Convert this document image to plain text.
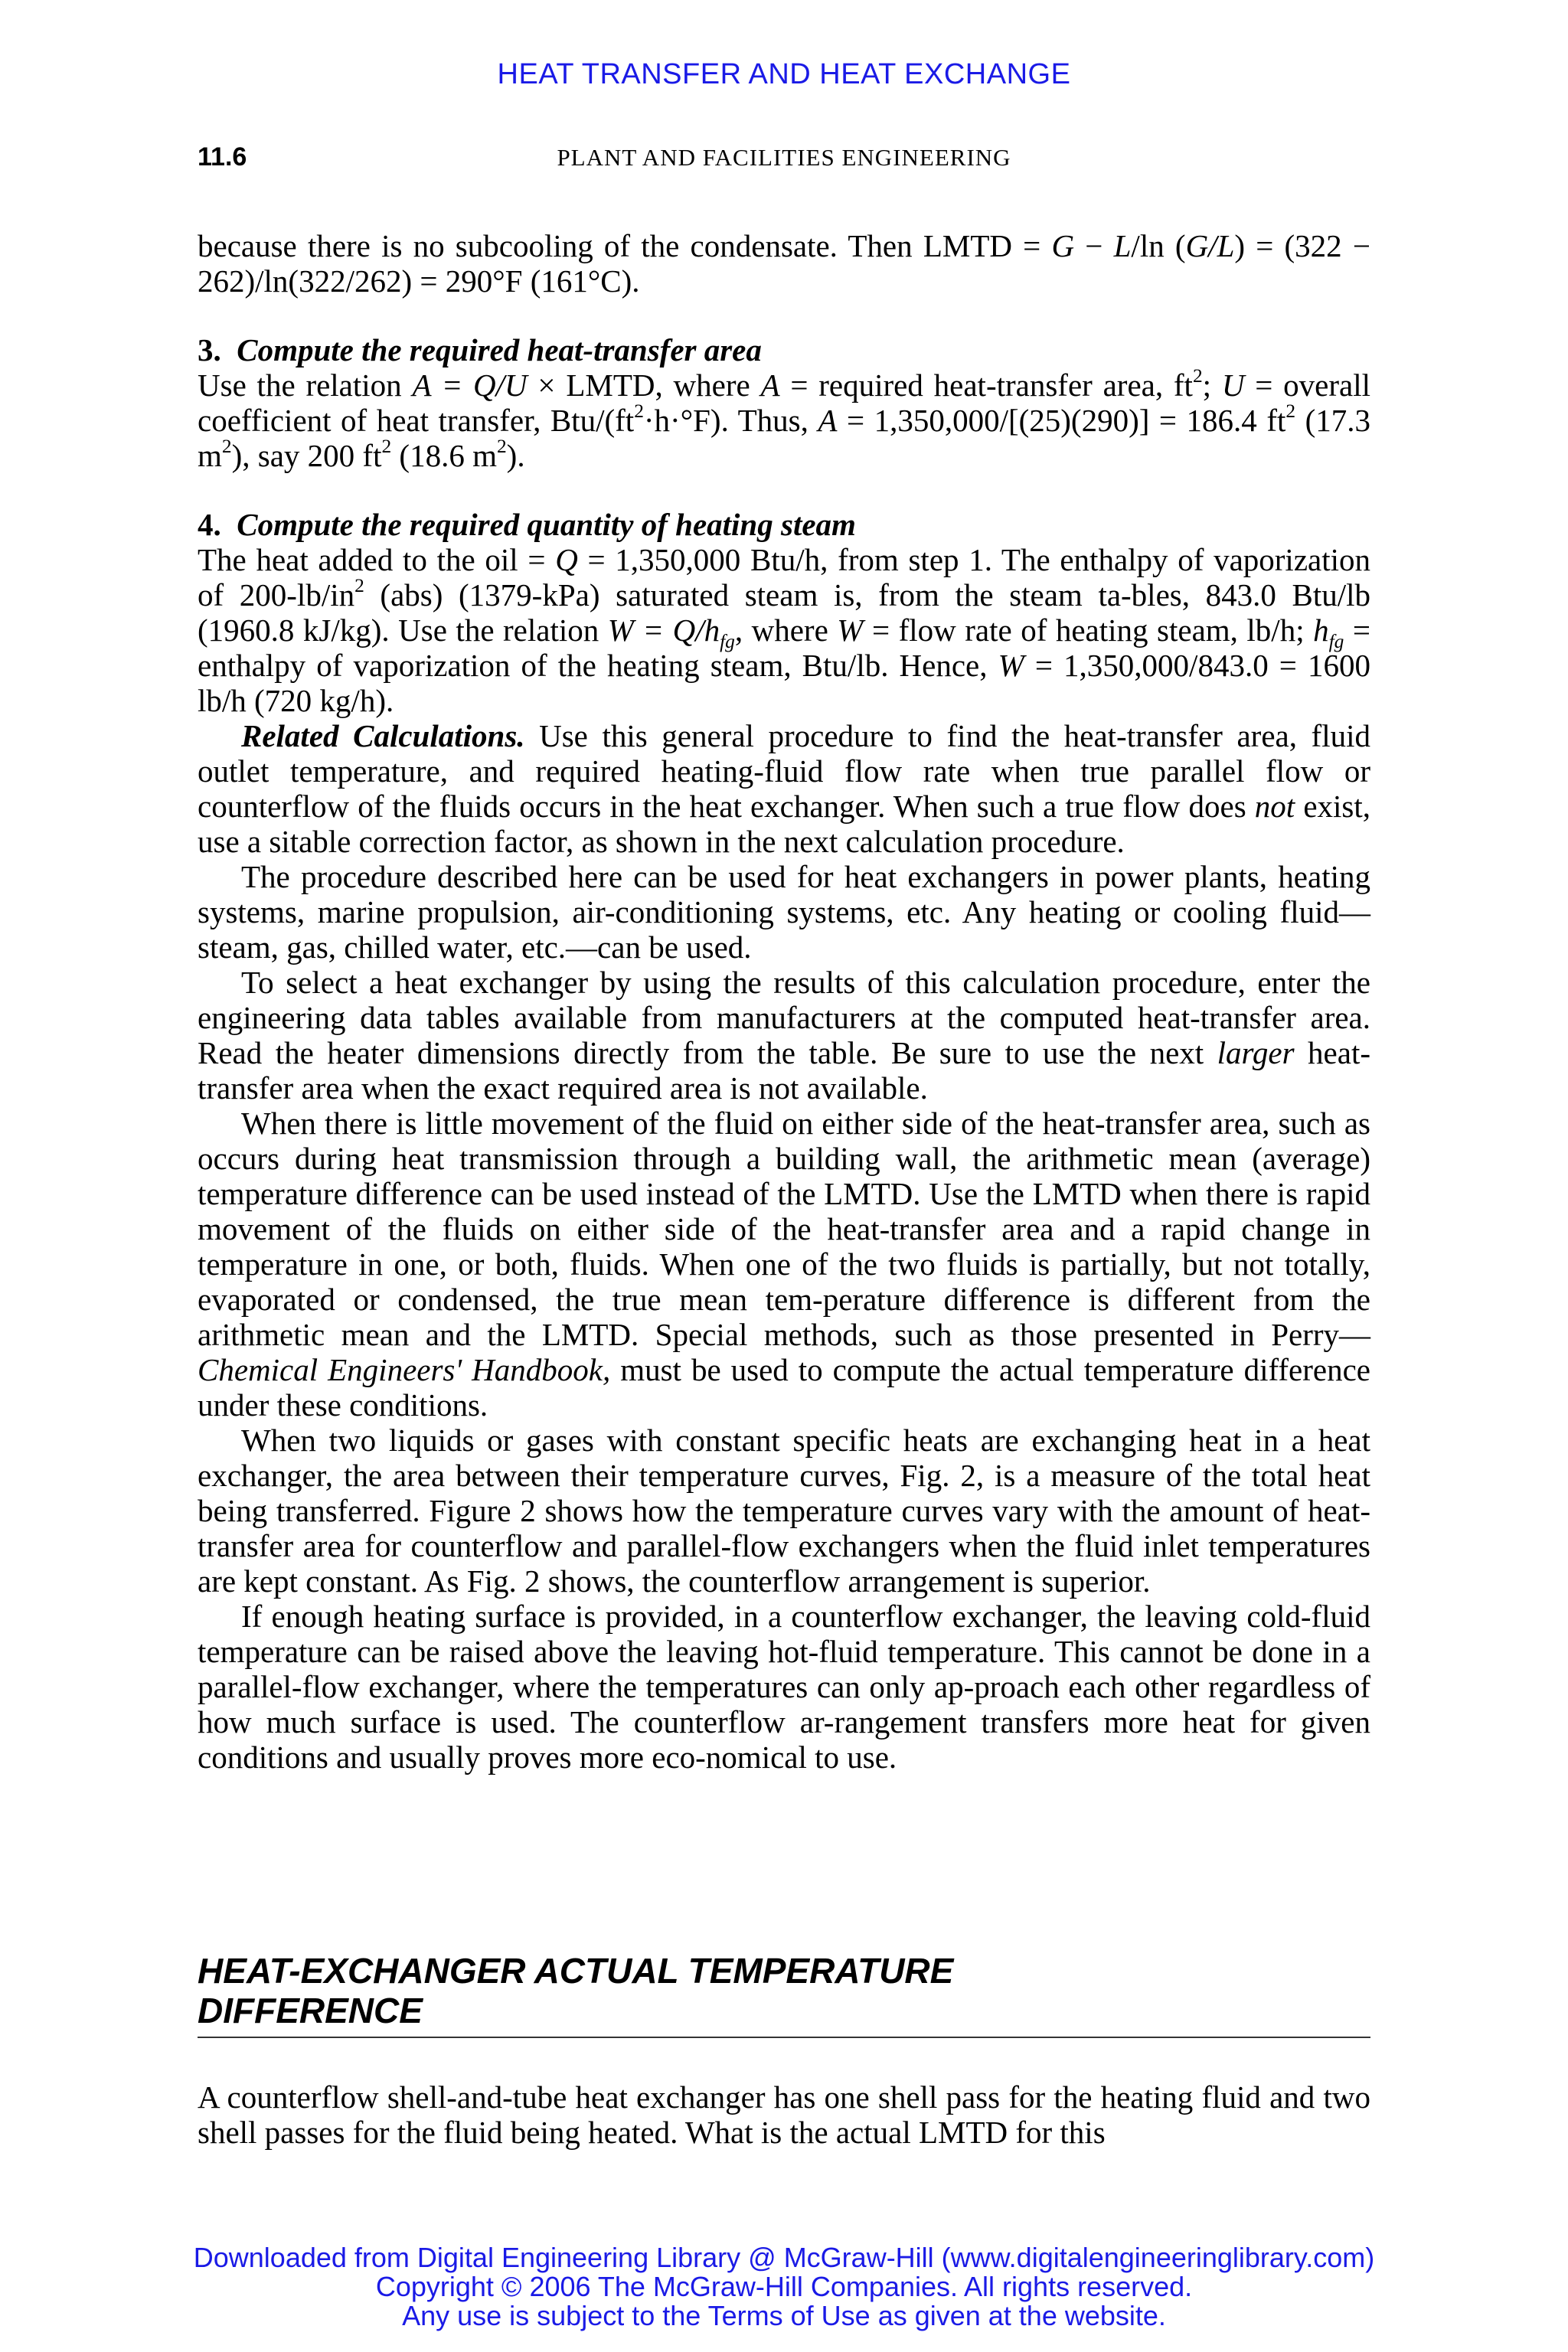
HEAT TRANSFER AND HEAT EXCHANGE
11.6	PLANT AND FACILITIES ENGINEERING

because there is no subcooling of the condensate. Then LMTD = G − L/ln (G/L) = (322 − 262)/ln(322/262) = 290°F (161°C).

3. Compute the required heat-transfer area

Use the relation A = Q/U × LMTD, where A = required heat-transfer area, $ft^2$; U = overall coefficient of heat transfer, Btu/$(ft^2\cdot h\cdot^\circ F)$. Thus, A = 1,350,000/[(25)(290)] = 186.4 $ft^2$ (17.3 $m^2$), say 200 $ft^2$ (18.6 $m^2$).

4. Compute the required quantity of heating steam

The heat added to the oil = Q = 1,350,000 Btu/h, from step 1. The enthalpy of vaporization of $200-lb/in^2$ (abs) (1379-kPa) saturated steam is, from the steam ta-bles, 843.0 Btu/lb (1960.8 kJ/kg). Use the relation $W = Q/h_{fg}$, where W = flow rate of heating steam, lb/h; $h_{fg}$ = enthalpy of vaporization of the heating steam, Btu/lb. Hence, W = 1,350,000/843.0 = 1600 lb/h (720 kg/h).

Related Calculations. Use this general procedure to find the heat-transfer area, fluid outlet temperature, and required heating-fluid flow rate when true parallel flow or counterflow of the fluids occurs in the heat exchanger. When such a true flow does not exist, use a sitable correction factor, as shown in the next calculation procedure.

The procedure described here can be used for heat exchangers in power plants, heating systems, marine propulsion, air-conditioning systems, etc. Any heating or cooling fluid—steam, gas, chilled water, etc.—can be used.

To select a heat exchanger by using the results of this calculation procedure, enter the engineering data tables available from manufacturers at the computed heat-transfer area. Read the heater dimensions directly from the table. Be sure to use the next larger heat-transfer area when the exact required area is not available.

When there is little movement of the fluid on either side of the heat-transfer area, such as occurs during heat transmission through a building wall, the arithmetic mean (average) temperature difference can be used instead of the LMTD. Use the LMTD when there is rapid movement of the fluids on either side of the heat-transfer area and a rapid change in temperature in one, or both, fluids. When one of the two fluids is partially, but not totally, evaporated or condensed, the true mean tem-perature difference is different from the arithmetic mean and the LMTD. Special methods, such as those presented in Perry—Chemical Engineers' Handbook, must be used to compute the actual temperature difference under these conditions.

When two liquids or gases with constant specific heats are exchanging heat in a heat exchanger, the area between their temperature curves, Fig. 2, is a measure of the total heat being transferred. Figure 2 shows how the temperature curves vary with the amount of heat-transfer area for counterflow and parallel-flow exchangers when the fluid inlet temperatures are kept constant. As Fig. 2 shows, the counterflow arrangement is superior.

If enough heating surface is provided, in a counterflow exchanger, the leaving cold-fluid temperature can be raised above the leaving hot-fluid temperature. This cannot be done in a parallel-flow exchanger, where the temperatures can only ap-proach each other regardless of how much surface is used. The counterflow ar-rangement transfers more heat for given conditions and usually proves more eco-nomical to use.

HEAT-EXCHANGER ACTUAL TEMPERATURE
DIFFERENCE

A counterflow shell-and-tube heat exchanger has one shell pass for the heating fluid and two shell passes for the fluid being heated. What is the actual LMTD for this

Downloaded from Digital Engineering Library @ McGraw-Hill (www.digitalengineeringlibrary.com)
Copyright © 2006 The McGraw-Hill Companies. All rights reserved.
Any use is subject to the Terms of Use as given at the website.
